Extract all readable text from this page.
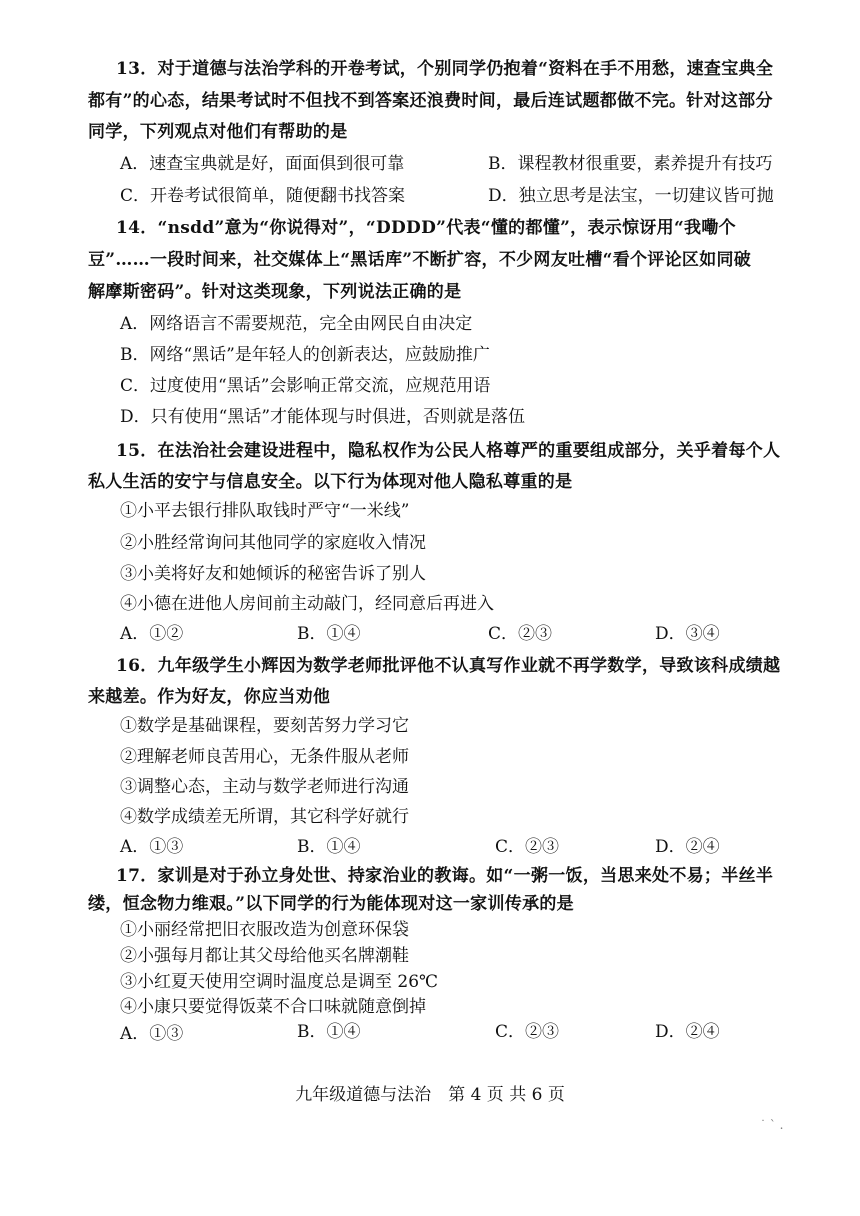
13．对于道德与法治学科的开卷考试，个别同学仍抱着“资料在手不用愁，速查宝典全
都有”的心态，结果考试时不但找不到答案还浪费时间，最后连试题都做不完。针对这部分
同学，下列观点对他们有帮助的是
A．速查宝典就是好，面面俱到很可靠	B．课程教材很重要，素养提升有技巧
C．开卷考试很简单，随便翻书找答案	D．独立思考是法宝，一切建议皆可抛
14．“nsdd”意为“你说得对”，“DDDD”代表“懂的都懂”，表示惊讶用“我嘞个
豆”……一段时间来，社交媒体上“黑话库”不断扩容，不少网友吐槽“看个评论区如同破
解摩斯密码”。针对这类现象，下列说法正确的是
A．网络语言不需要规范，完全由网民自由决定
B．网络“黑话”是年轻人的创新表达，应鼓励推广
C．过度使用“黑话”会影响正常交流，应规范用语
D．只有使用“黑话”才能体现与时俱进，否则就是落伍
15．在法治社会建设进程中，隐私权作为公民人格尊严的重要组成部分，关乎着每个人
私人生活的安宁与信息安全。以下行为体现对他人隐私尊重的是
①小平去银行排队取钱时严守“一米线”
②小胜经常询问其他同学的家庭收入情况
③小美将好友和她倾诉的秘密告诉了别人
④小德在进他人房间前主动敲门，经同意后再进入
A．①②	B．①④	C．②③	D．③④
16．九年级学生小辉因为数学老师批评他不认真写作业就不再学数学，导致该科成绩越
来越差。作为好友，你应当劝他
①数学是基础课程，要刻苦努力学习它
②理解老师良苦用心，无条件服从老师
③调整心态，主动与数学老师进行沟通
④数学成绩差无所谓，其它科学好就行
A．①③	B．①④	C．②③	D．②④
17．家训是对于孙立身处世、持家治业的教诲。如“一粥一饭，当思来处不易；半丝半
缕，恒念物力维艰。”以下同学的行为能体现对这一家训传承的是
①小丽经常把旧衣服改造为创意环保袋
②小强每月都让其父母给他买名牌潮鞋
③小红夏天使用空调时温度总是调至 26℃
④小康只要觉得饭菜不合口味就随意倒掉
A．①③	B．①④	C．②③	D．②④
九年级道德与法治　第 4 页 共 6 页
˙ ` .
